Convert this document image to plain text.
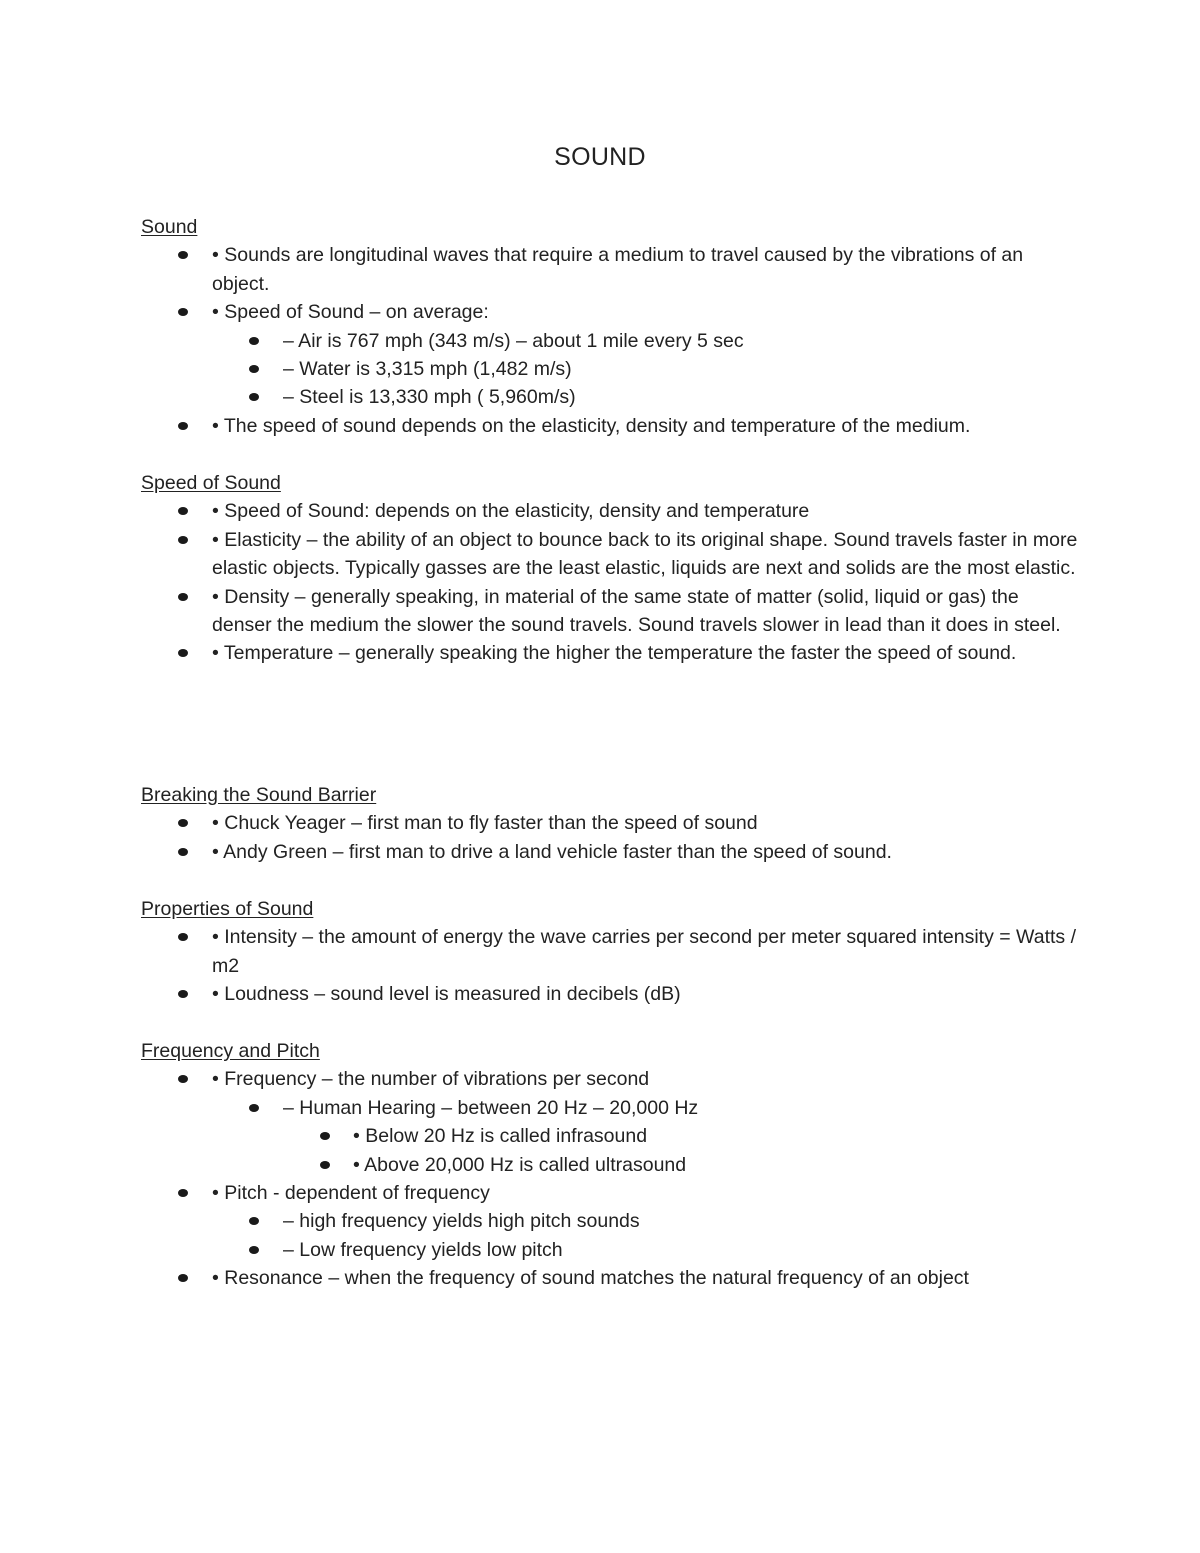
SOUND
Sound
• Sounds are longitudinal waves that require a medium to travel caused by the vibrations of an object.
• Speed of Sound – on average:
– Air is 767 mph (343 m/s) – about 1 mile every 5 sec
– Water is 3,315 mph (1,482 m/s)
– Steel is 13,330 mph ( 5,960m/s)
• The speed of sound depends on the elasticity, density and temperature of the medium.
Speed of Sound
• Speed of Sound: depends on the elasticity, density and temperature
• Elasticity – the ability of an object to bounce back to its original shape. Sound travels faster in more elastic objects. Typically gasses are the least elastic, liquids are next and solids are the most elastic.
• Density – generally speaking, in material of the same state of matter (solid, liquid or gas) the denser the medium the slower the sound travels. Sound travels slower in lead than it does in steel.
• Temperature – generally speaking the higher the temperature the faster the speed of sound.
Breaking the Sound Barrier
• Chuck Yeager – first man to fly faster than the speed of sound
• Andy Green – first man to drive a land vehicle faster than the speed of sound.
Properties of Sound
• Intensity – the amount of energy the wave carries per second per meter squared intensity = Watts / m2
• Loudness – sound level is measured in decibels (dB)
Frequency and Pitch
• Frequency – the number of vibrations per second
– Human Hearing – between 20 Hz – 20,000 Hz
• Below 20 Hz is called infrasound
• Above 20,000 Hz is called ultrasound
• Pitch - dependent of frequency
– high frequency yields high pitch sounds
– Low frequency yields low pitch
• Resonance – when the frequency of sound matches the natural frequency of an object
